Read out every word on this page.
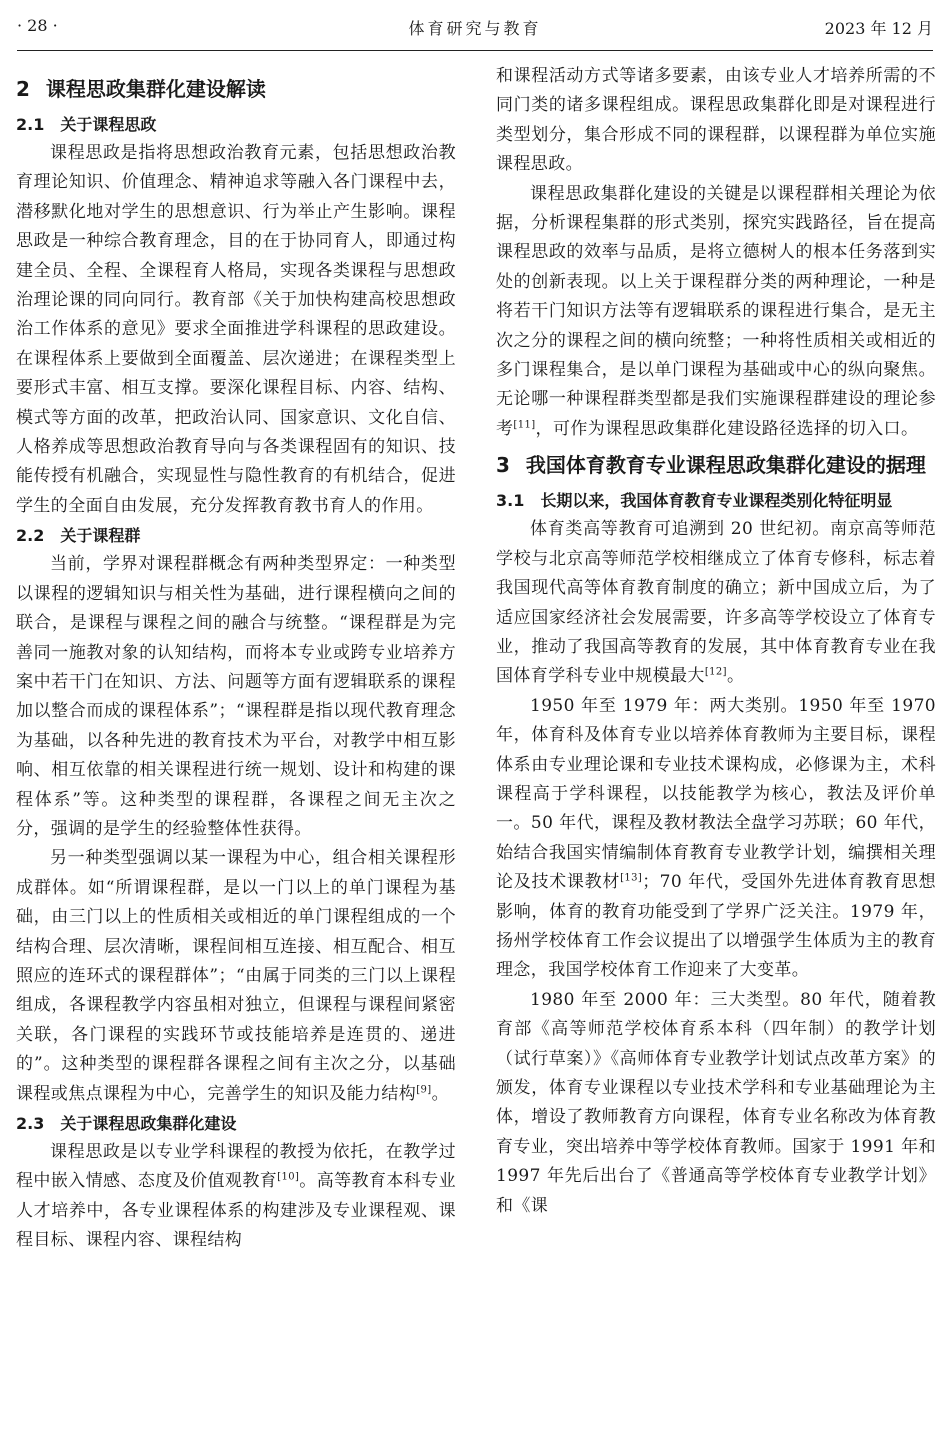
· 28 ·	体育研究与教育	2023 年 12 月
2 课程思政集群化建设解读
2.1 关于课程思政

课程思政是指将思想政治教育元素，包括思想政治教育理论知识、价值理念、精神追求等融入各门课程中去，潜移默化地对学生的思想意识、行为举止产生影响。课程思政是一种综合教育理念，目的在于协同育人，即通过构建全员、全程、全课程育人格局，实现各类课程与思想政治理论课的同向同行。教育部《关于加快构建高校思想政治工作体系的意见》要求全面推进学科课程的思政建设。在课程体系上要做到全面覆盖、层次递进；在课程类型上要形式丰富、相互支撑。要深化课程目标、内容、结构、模式等方面的改革，把政治认同、国家意识、文化自信、人格养成等思想政治教育导向与各类课程固有的知识、技能传授有机融合，实现显性与隐性教育的有机结合，促进学生的全面自由发展，充分发挥教育教书育人的作用。

2.2 关于课程群

当前，学界对课程群概念有两种类型界定：一种类型以课程的逻辑知识与相关性为基础，进行课程横向之间的联合，是课程与课程之间的融合与统整。“课程群是为完善同一施教对象的认知结构，而将本专业或跨专业培养方案中若干门在知识、方法、问题等方面有逻辑联系的课程加以整合而成的课程体系”；“课程群是指以现代教育理念为基础，以各种先进的教育技术为平台，对教学中相互影响、相互依靠的相关课程进行统一规划、设计和构建的课程体系”等。这种类型的课程群，各课程之间无主次之分，强调的是学生的经验整体性获得。

另一种类型强调以某一课程为中心，组合相关课程形成群体。如“所谓课程群，是以一门以上的单门课程为基础，由三门以上的性质相关或相近的单门课程组成的一个结构合理、层次清晰，课程间相互连接、相互配合、相互照应的连环式的课程群体”；“由属于同类的三门以上课程组成，各课程教学内容虽相对独立，但课程与课程间紧密关联，各门课程的实践环节或技能培养是连贯的、递进的”。这种类型的课程群各课程之间有主次之分，以基础课程或焦点课程为中心，完善学生的知识及能力结构[9]。

2.3 关于课程思政集群化建设

课程思政是以专业学科课程的教授为依托，在教学过程中嵌入情感、态度及价值观教育[10]。高等教育本科专业人才培养中，各专业课程体系的构建涉及专业课程观、课程目标、课程内容、课程结构

和课程活动方式等诸多要素，由该专业人才培养所需的不同门类的诸多课程组成。课程思政集群化即是对课程进行类型划分，集合形成不同的课程群，以课程群为单位实施课程思政。

课程思政集群化建设的关键是以课程群相关理论为依据，分析课程集群的形式类别，探究实践路径，旨在提高课程思政的效率与品质，是将立德树人的根本任务落到实处的创新表现。以上关于课程群分类的两种理论，一种是将若干门知识方法等有逻辑联系的课程进行集合，是无主次之分的课程之间的横向统整；一种将性质相关或相近的多门课程集合，是以单门课程为基础或中心的纵向聚焦。无论哪一种课程群类型都是我们实施课程群建设的理论参考[11]，可作为课程思政集群化建设路径选择的切入口。

3 我国体育教育专业课程思政集群化建设的据理
3.1 长期以来，我国体育教育专业课程类别化特征明显

体育类高等教育可追溯到 20 世纪初。南京高等师范学校与北京高等师范学校相继成立了体育专修科，标志着我国现代高等体育教育制度的确立；新中国成立后，为了适应国家经济社会发展需要，许多高等学校设立了体育专业，推动了我国高等教育的发展，其中体育教育专业在我国体育学科专业中规模最大[12]。

1950 年至 1979 年：两大类别。1950 年至 1970 年，体育科及体育专业以培养体育教师为主要目标，课程体系由专业理论课和专业技术课构成，必修课为主，术科课程高于学科课程，以技能教学为核心，教法及评价单一。50 年代，课程及教材教法全盘学习苏联；60 年代，始结合我国实情编制体育教育专业教学计划，编撰相关理论及技术课教材[13]；70 年代，受国外先进体育教育思想影响，体育的教育功能受到了学界广泛关注。1979 年，扬州学校体育工作会议提出了以增强学生体质为主的教育理念，我国学校体育工作迎来了大变革。

1980 年至 2000 年：三大类型。80 年代，随着教育部《高等师范学校体育系本科（四年制）的教学计划（试行草案）》《高师体育专业教学计划试点改革方案》的颁发，体育专业课程以专业技术学科和专业基础理论为主体，增设了教师教育方向课程，体育专业名称改为体育教育专业，突出培养中等学校体育教师。国家于 1991 年和 1997 年先后出台了《普通高等学校体育专业教学计划》和《课
